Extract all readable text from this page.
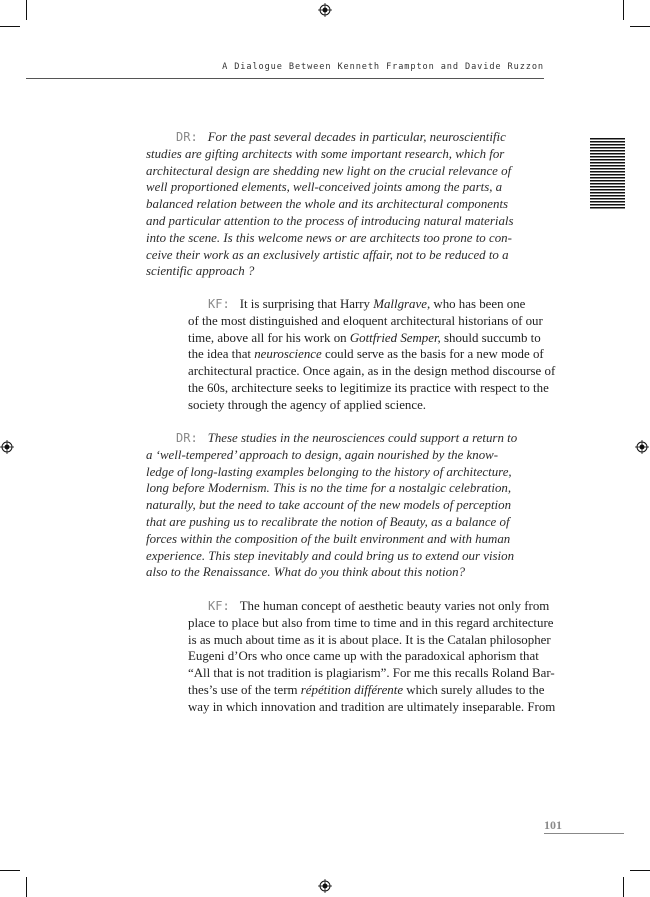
A Dialogue Between Kenneth Frampton and Davide Ruzzon

DR: For the past several decades in particular, neuroscientific
studies are gifting architects with some important research, which for
architectural design are shedding new light on the crucial relevance of
well proportioned elements, well-conceived joints among the parts, a
balanced relation between the whole and its architectural components
and particular attention to the process of introducing natural materials
into the scene. Is this welcome news or are architects too prone to con-
ceive their work as an exclusively artistic affair, not to be reduced to a
scientific approach ?

KF: It is surprising that Harry Mallgrave, who has been one
of the most distinguished and eloquent architectural historians of our
time, above all for his work on Gottfried Semper, should succumb to
the idea that neuroscience could serve as the basis for a new mode of
architectural practice. Once again, as in the design method discourse of
the 60s, architecture seeks to legitimize its practice with respect to the
society through the agency of applied science.

DR: These studies in the neurosciences could support a return to
a ‘well-tempered’ approach to design, again nourished by the know-
ledge of long-lasting examples belonging to the history of architecture,
long before Modernism. This is no the time for a nostalgic celebration,
naturally, but the need to take account of the new models of perception
that are pushing us to recalibrate the notion of Beauty, as a balance of
forces within the composition of the built environment and with human
experience. This step inevitably and could bring us to extend our vision
also to the Renaissance. What do you think about this notion?

KF: The human concept of aesthetic beauty varies not only from
place to place but also from time to time and in this regard architecture
is as much about time as it is about place. It is the Catalan philosopher
Eugeni d’Ors who once came up with the paradoxical aphorism that
“All that is not tradition is plagiarism”. For me this recalls Roland Bar-
thes’s use of the term répétition différente which surely alludes to the
way in which innovation and tradition are ultimately inseparable. From

101
